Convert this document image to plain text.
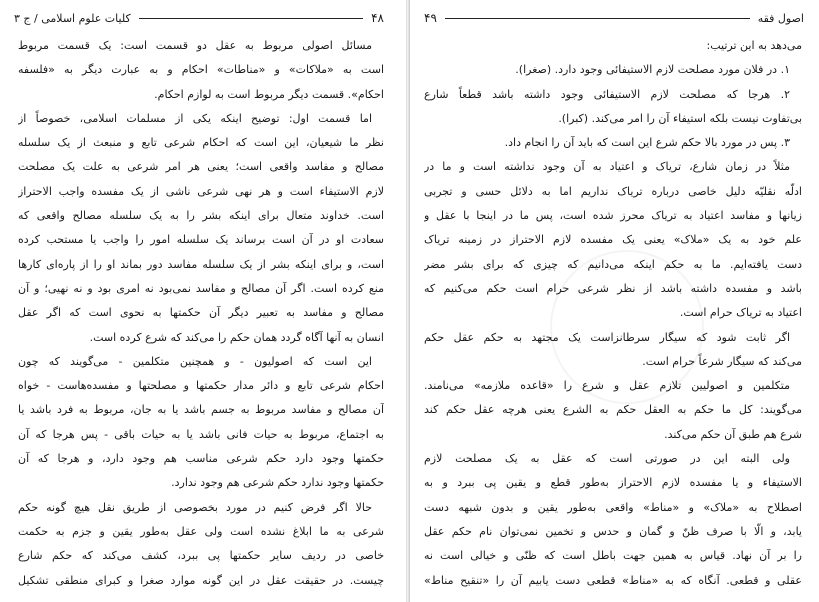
۴۸
کلیات علوم اسلامی / ج ۳
مسائل اصولی مربوط به عقل دو قسمت است: یک قسمت مربوط
است به «ملاکات» و «مناطات» احکام و به عبارت دیگر به «فلسفه
احکام». قسمت دیگر مربوط است به لوازم احکام.
اما قسمت اول: توضیح اینکه یکی از مسلمات اسلامی، خصوصاً از
نظر ما شیعیان، این است که احکام شرعی تابع و منبعث از یک سلسله
مصالح و مفاسد واقعی است؛ یعنی هر امر شرعی به علت یک مصلحت
لازم الاستیفاء است و هر نهی شرعی ناشی از یک مفسده واجب الاحتراز
است. خداوند متعال برای اینکه بشر را به یک سلسله مصالح واقعی که
سعادت او در آن است برساند یک سلسله امور را واجب یا مستحب کرده
است، و برای اینکه بشر از یک سلسله مفاسد دور بماند او را از پاره‌ای کارها
منع کرده است. اگر آن مصالح و مفاسد نمی‌بود نه امری بود و نه نهیی؛ و آن
مصالح و مفاسد به تعبیر دیگر آن حکمتها به نحوی است که اگر عقل
انسان به آنها آگاه گردد همان حکم را می‌کند که شرع کرده است.
این است که اصولیون - و همچنین متکلمین - می‌گویند که چون
احکام شرعی تابع و دائر مدار حکمتها و مصلحتها و مفسده‌هاست - خواه
آن مصالح و مفاسد مربوط به جسم باشد یا به جان، مربوط به فرد باشد یا
به اجتماع، مربوط به حیات فانی باشد یا به حیات باقی - پس هرجا که آن
حکمتها وجود دارد حکم شرعی مناسب هم وجود دارد، و هرجا که آن
حکمتها وجود ندارد حکم شرعی هم وجود ندارد.
حالا اگر فرض کنیم در مورد بخصوصی از طریق نقل هیچ گونه حکم
شرعی به ما ابلاغ نشده است ولی عقل به‌طور یقین و جزم به حکمت
خاصی در ردیف سایر حکمتها پی ببرد، کشف می‌کند که حکم شارع
چیست. در حقیقت عقل در این گونه موارد صغرا و کبرای منطقی تشکیل
اصول فقه
۴۹
می‌دهد به این ترتیب:
۱. در فلان مورد مصلحت لازم الاستیفائی وجود دارد. (صغرا).
۲. هرجا که مصلحت لازم الاستیفائی وجود داشته باشد قطعاً شارع
بی‌تفاوت نیست بلکه استیفاء آن را امر می‌کند. (کبرا).
۳. پس در مورد بالا حکم شرع این است که باید آن را انجام داد.
مثلاً در زمان شارع، تریاک و اعتیاد به آن وجود نداشته است و ما در
ادلّه نقلیّه دلیل خاصی درباره تریاک نداریم اما به دلائل حسی و تجربی
زیانها و مفاسد اعتیاد به تریاک محرز شده است، پس ما در اینجا با عقل و
علم خود به یک «ملاک» یعنی یک مفسده لازم الاحتراز در زمینه تریاک
دست یافته‌ایم. ما به حکم اینکه می‌دانیم که چیزی که برای بشر مضر
باشد و مفسده داشته باشد از نظر شرعی حرام است حکم می‌کنیم که
اعتیاد به تریاک حرام است.
اگر ثابت شود که سیگار سرطانزاست یک مجتهد به حکم عقل حکم
می‌کند که سیگار شرعاً حرام است.
متکلمین و اصولیین تلازم عقل و شرع را «قاعده ملازمه» می‌نامند.
می‌گویند: کل ما حکم به العقل حکم به الشرع یعنی هرچه عقل حکم کند
شرع هم طبق آن حکم می‌کند.
ولی البته این در صورتی است که عقل به یک مصلحت لازم
الاستیفاء و یا مفسده لازم الاحتراز به‌طور قطع و یقین پی ببرد و به
اصطلاح به «ملاک» و «مناط» واقعی به‌طور یقین و بدون شبهه دست
یابد، و الّا با صرف ظنّ و گمان و حدس و تخمین نمی‌توان نام حکم عقل
را بر آن نهاد. قیاس به همین جهت باطل است که ظنّی و خیالی است نه
عقلی و قطعی. آنگاه که به «مناط» قطعی دست یابیم آن را «تنقیح مناط»
